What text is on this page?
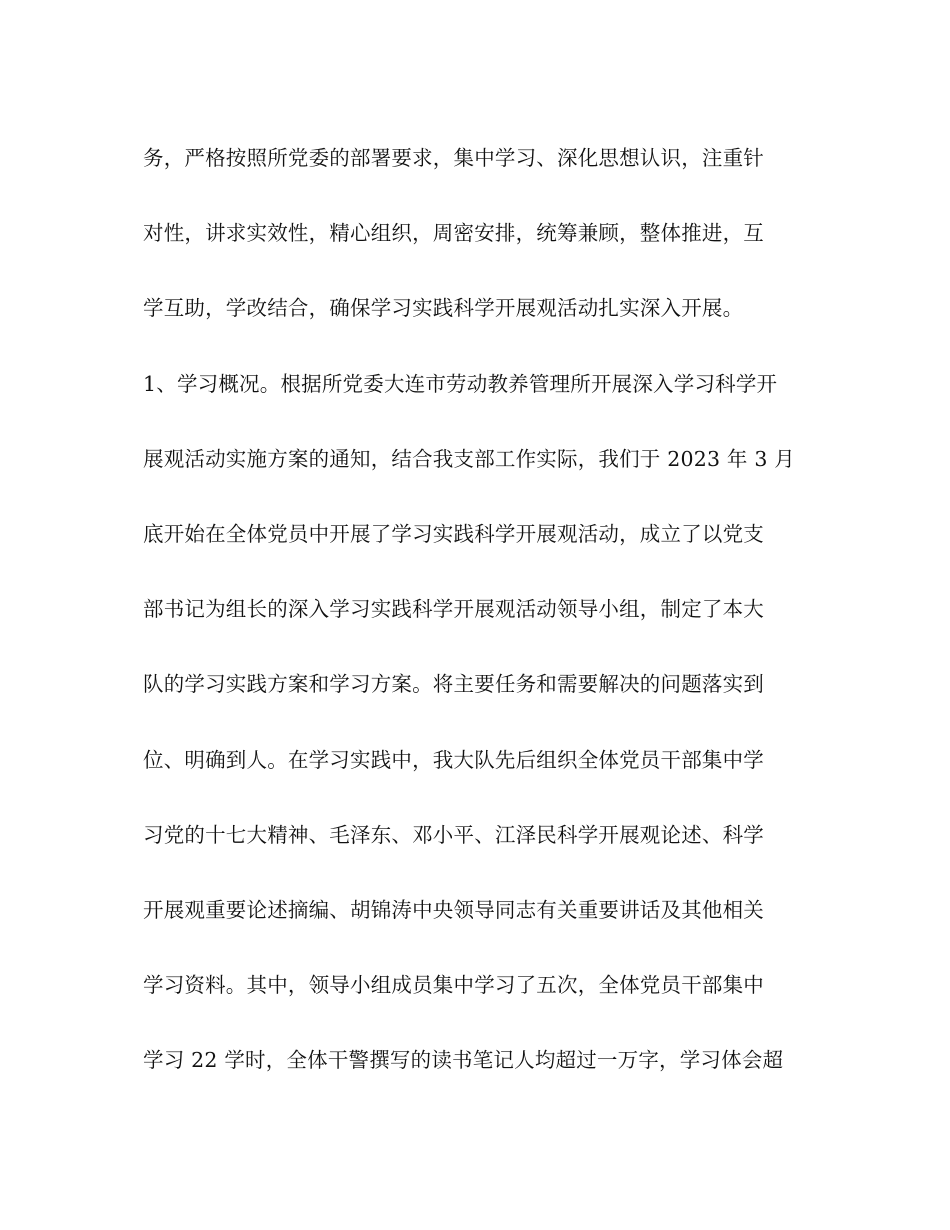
务，严格按照所党委的部署要求，集中学习、深化思想认识，注重针
对性，讲求实效性，精心组织，周密安排，统筹兼顾，整体推进，互
学互助，学改结合，确保学习实践科学开展观活动扎实深入开展。
1、学习概况。根据所党委大连市劳动教养管理所开展深入学习科学开
展观活动实施方案的通知，结合我支部工作实际，我们于 2023 年 3 月
底开始在全体党员中开展了学习实践科学开展观活动，成立了以党支
部书记为组长的深入学习实践科学开展观活动领导小组，制定了本大
队的学习实践方案和学习方案。将主要任务和需要解决的问题落实到
位、明确到人。在学习实践中，我大队先后组织全体党员干部集中学
习党的十七大精神、毛泽东、邓小平、江泽民科学开展观论述、科学
开展观重要论述摘编、胡锦涛中央领导同志有关重要讲话及其他相关
学习资料。其中，领导小组成员集中学习了五次，全体党员干部集中
学习 22 学时，全体干警撰写的读书笔记人均超过一万字，学习体会超
